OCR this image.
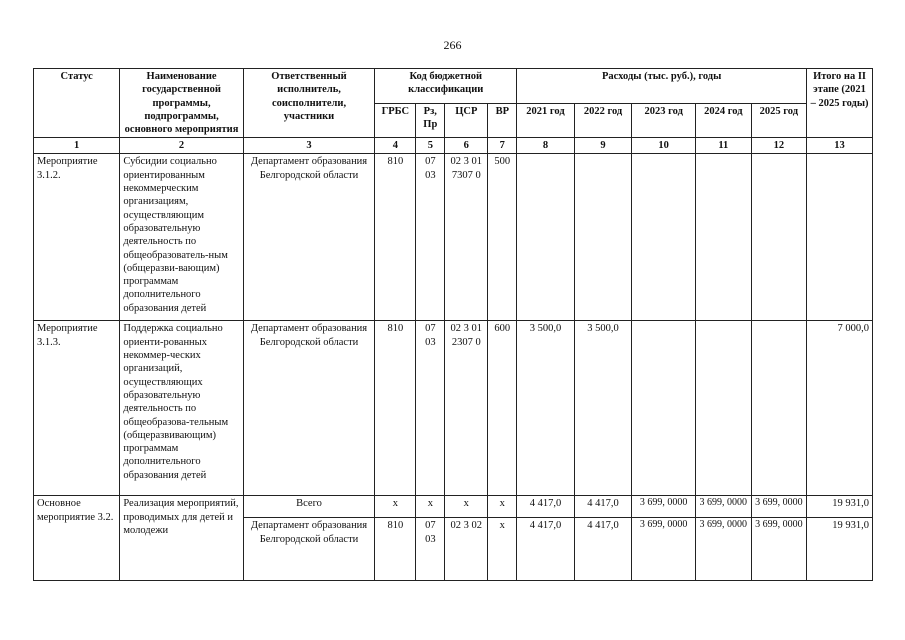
266
Статус	Наименование государственной программы, подпрограммы, основного мероприятия	Ответственный исполнитель, соисполнители, участники	Код бюджетной классификации				Расходы (тыс. руб.), годы					Итого на II этапе (2021 – 2025 годы)
			ГРБС	Рз, Пр	ЦСР	ВР	2021 год	2022 год	2023 год	2024 год	2025 год	
1	2	3	4	5	6	7	8	9	10	11	12	13
Мероприятие 3.1.2.	Субсидии социально ориентированным некоммерческим организациям, осуществляющим образовательную деятельность по общеобразователь-ным (общеразви-вающим) программам дополнительного образования детей	Департамент образования Белгородской области	810	07 03	02 3 01 7307 0	500						
Мероприятие 3.1.3.	Поддержка социально ориенти-рованных некоммер-ческих организаций, осуществляющих образовательную деятельность по общеобразова-тельным (общеразвивающим) программам дополнительного образования детей	Департамент образования Белгородской области	810	07 03	02 3 01 2307 0	600	3 500,0	3 500,0				7 000,0
Основное мероприятие 3.2.	Реализация мероприятий, проводимых для детей и молодежи	Всего	х	х	х	х	4 417,0	4 417,0	3 699, 0000	3 699, 0000	3 699, 0000	19 931,0
		Департамент образования Белгородской области	810	07 03	02 3 02	х	4 417,0	4 417,0	3 699, 0000	3 699, 0000	3 699, 0000	19 931,0
